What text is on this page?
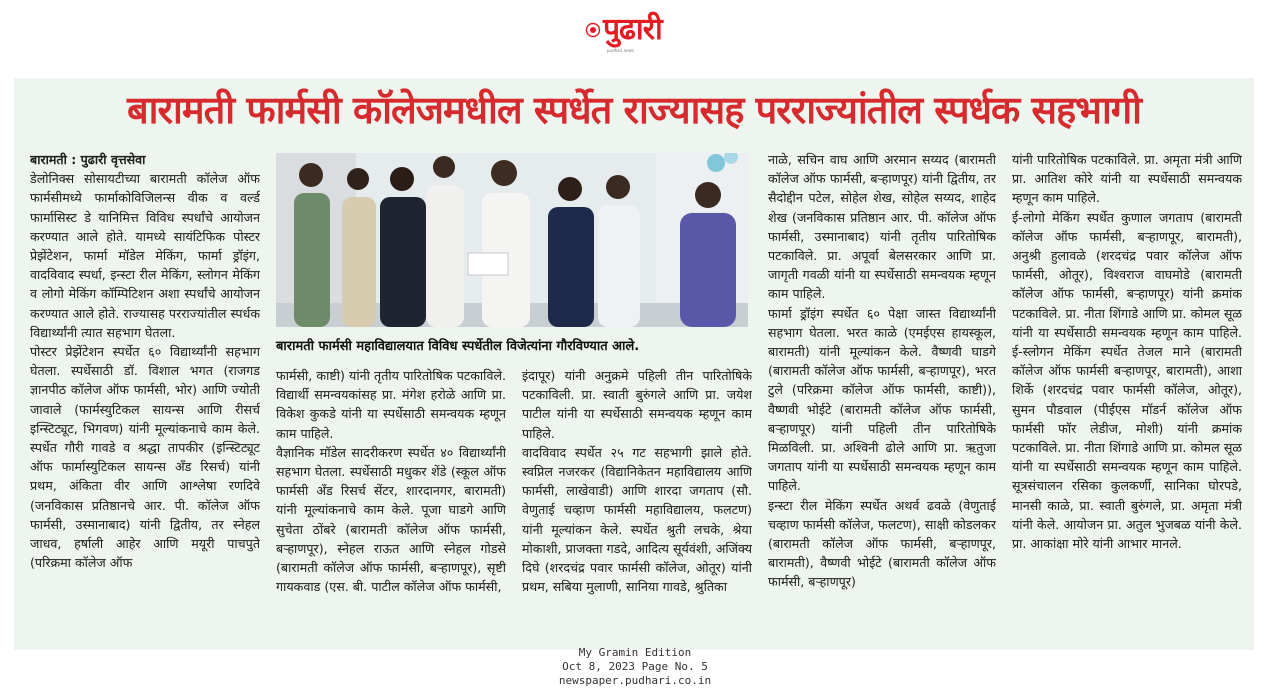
पुढारी
pudhari.news
बारामती फार्मसी कॉलेजमधील स्पर्धेत राज्यासह परराज्यांतील स्पर्धक सहभागी
बारामती : पुढारी वृत्तसेवा
डेलोनिक्स सोसायटीच्या बारामती कॉलेज ऑफ फार्मसीमध्ये फार्माकोविजिलन्स वीक व वर्ल्ड फार्मासिस्ट डे यानिमित्त विविध स्पर्धांचे आयोजन करण्यात आले होते. यामध्ये सायंटिफिक पोस्टर प्रेझेंटेशन, फार्मा मॉडेल मेकिंग, फार्मा ड्रॉइंग, वादविवाद स्पर्धा, इन्स्टा रील मेकिंग, स्लोगन मेकिंग व लोगो मेकिंग कॉम्पिटिशन अशा स्पर्धांचे आयोजन करण्यात आले होते. राज्यासह परराज्यांतील स्पर्धक विद्यार्थ्यांनी त्यात सहभाग घेतला.
पोस्टर प्रेझेंटेशन स्पर्धेत ६० विद्यार्थ्यांनी सहभाग घेतला. स्पर्धेसाठी डॉ. विशाल भगत (राजगड ज्ञानपीठ कॉलेज ऑफ फार्मसी, भोर) आणि ज्योती जावाले (फार्मस्युटिकल सायन्स आणि रीसर्च इन्स्टिट्यूट, भिगवण) यांनी मूल्यांकनाचे काम केले. स्पर्धेत गौरी गावडे व श्रद्धा तापकीर (इन्स्टिट्यूट ऑफ फार्मास्युटिकल सायन्स अँड रिसर्च) यांनी प्रथम, अंकिता वीर आणि आश्लेषा रणदिवे (जनविकास प्रतिष्ठानचे आर. पी. कॉलेज ऑफ फार्मसी, उस्मानाबाद) यांनी द्वितीय, तर स्नेहल जाधव, हर्षाली आहेर आणि मयूरी पाचपुते (परिक्रमा कॉलेज ऑफ
बारामती फार्मसी महाविद्यालयात विविध स्पर्धेतील विजेत्यांना गौरविण्यात आले.
फार्मसी, काष्टी) यांनी तृतीय पारितोषिक पटकाविले. विद्यार्थी समन्वयकांसह प्रा. मंगेश हरोळे आणि प्रा. विकेश कुकडे यांनी या स्पर्धेसाठी समन्वयक म्हणून काम पाहिले.
वैज्ञानिक मॉडेल सादरीकरण स्पर्धेत ४० विद्यार्थ्यांनी सहभाग घेतला. स्पर्धेसाठी मधुकर शेंडे (स्कूल ऑफ फार्मसी अँड रिसर्च सेंटर, शारदानगर, बारामती) यांनी मूल्यांकनाचे काम केले. पूजा घाडगे आणि सुचेता ठोंबरे (बारामती कॉलेज ऑफ फार्मसी, बऱ्हाणपूर), स्नेहल राऊत आणि स्नेहल गोडसे (बारामती कॉलेज ऑफ फार्मसी, बऱ्हाणपूर), सृष्टी गायकवाड (एस. बी. पाटील कॉलेज ऑफ फार्मसी,
इंदापूर) यांनी अनुक्रमे पहिली तीन पारितोषिके पटकाविली. प्रा. स्वाती बुरुंगले आणि प्रा. जयेश पाटील यांनी या स्पर्धेसाठी समन्वयक म्हणून काम पाहिले.
वादविवाद स्पर्धेत २५ गट सहभागी झाले होते. स्वप्निल नजरकर (विद्यानिकेतन महाविद्यालय आणि फार्मसी, लाखेवाडी) आणि शारदा जगताप (सौ. वेणुताई चव्हाण फार्मसी महाविद्यालय, फलटण) यांनी मूल्यांकन केले. स्पर्धेत श्रुती लचके, श्रेया मोकाशी, प्राजक्ता गडदे, आदित्य सूर्यवंशी, अजिंक्य दिघे (शरदचंद्र पवार फार्मसी कॉलेज, ओतूर) यांनी प्रथम, सबिया मुलाणी, सानिया गावडे, श्रुतिका
नाळे, सचिन वाघ आणि अरमान सय्यद (बारामती कॉलेज ऑफ फार्मसी, बऱ्हाणपूर) यांनी द्वितीय, तर सैदोद्दीन पटेल, सोहेल शेख, सोहेल सय्यद, शाहेद शेख (जनविकास प्रतिष्ठान आर. पी. कॉलेज ऑफ फार्मसी, उस्मानाबाद) यांनी तृतीय पारितोषिक पटकाविले. प्रा. अपूर्वा बेलसरकार आणि प्रा. जागृती गवळी यांनी या स्पर्धेसाठी समन्वयक म्हणून काम पाहिले.
फार्मा ड्रॉइंग स्पर्धेत ६० पेक्षा जास्त विद्यार्थ्यांनी सहभाग घेतला. भरत काळे (एमईएस हायस्कूल, बारामती) यांनी मूल्यांकन केले. वैष्णवी घाडगे (बारामती कॉलेज ऑफ फार्मसी, बऱ्हाणपूर), भरत टुले (परिक्रमा कॉलेज ऑफ फार्मसी, काष्टी)), वैष्णवी भोईटे (बारामती कॉलेज ऑफ फार्मसी, बऱ्हाणपूर) यांनी पहिली तीन पारितोषिके मिळविली. प्रा. अश्विनी ढोले आणि प्रा. ऋतुजा जगताप यांनी या स्पर्धेसाठी समन्वयक म्हणून काम पाहिले.
इन्स्टा रील मेकिंग स्पर्धेत अथर्व ढवळे (वेणुताई चव्हाण फार्मसी कॉलेज, फलटण), साक्षी कोडलकर (बारामती कॉलेज ऑफ फार्मसी, बऱ्हाणपूर, बारामती), वैष्णवी भोईटे (बारामती कॉलेज ऑफ फार्मसी, बऱ्हाणपूर)
यांनी पारितोषिक पटकाविले. प्रा. अमृता मंत्री आणि प्रा. आतिश कोरे यांनी या स्पर्धेसाठी समन्वयक म्हणून काम पाहिले.
ई-लोगो मेकिंग स्पर्धेत कुणाल जगताप (बारामती कॉलेज ऑफ फार्मसी, बऱ्हाणपूर, बारामती), अनुश्री हुलावळे (शरदचंद्र पवार कॉलेज ऑफ फार्मसी, ओतूर), विश्वराज वाघमोडे (बारामती कॉलेज ऑफ फार्मसी, बऱ्हाणपूर) यांनी क्रमांक पटकाविले. प्रा. नीता शिंगाडे आणि प्रा. कोमल सूळ यांनी या स्पर्धेसाठी समन्वयक म्हणून काम पाहिले. ई-स्लोगन मेकिंग स्पर्धेत तेजल माने (बारामती कॉलेज ऑफ फार्मसी बऱ्हाणपूर, बारामती), आशा शिर्के (शरदचंद्र पवार फार्मसी कॉलेज, ओतूर), सुमन पौडवाल (पीईएस मॉडर्न कॉलेज ऑफ फार्मसी फॉर लेडीज, मोशी) यांनी क्रमांक पटकाविले. प्रा. नीता शिंगाडे आणि प्रा. कोमल सूळ यांनी या स्पर्धेसाठी समन्वयक म्हणून काम पाहिले. सूत्रसंचालन रसिका कुलकर्णी, सानिका घोरपडे, मानसी काळे, प्रा. स्वाती बुरुंगले, प्रा. अमृता मंत्री यांनी केले. आयोजन प्रा. अतुल भुजबळ यांनी केले. प्रा. आकांक्षा मोरे यांनी आभार मानले.
My Gramin Edition
Oct 8, 2023 Page No. 5
newspaper.pudhari.co.in
